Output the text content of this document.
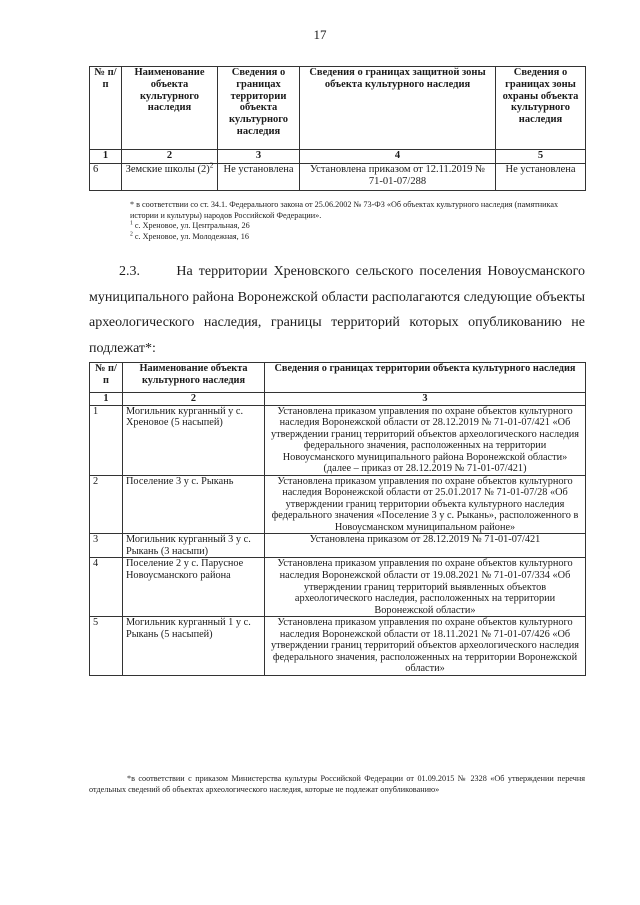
17
№ п/п	Наименование объекта культурного наследия	Сведения о границах территории объекта культурного наследия	Сведения о границах защитной зоны объекта культурного наследия	Сведения о границах зоны охраны объекта культурного наследия
1	2	3	4	5
6	Земские школы $(2)^2$	Не установлена	Установлена приказом от 12.11.2019 № 71-01-07/288	Не установлена

* в соответствии со ст. 34.1. Федерального закона от 25.06.2002 № 73-ФЗ «Об объектах культурного наследия (памятниках истории и культуры) народов Российской Федерации».

$^1$ с. Хреновое, ул. Центральная, 26

$^2$ с. Хреновое, ул. Молодежная, 16

2.3.	На территории Хреновского сельского поселения Новоусманского муниципального района Воронежской области располагаются следующие объекты археологического наследия, границы территорий которых опубликованию не подлежат*:

№ п/п	Наименование объекта культурного наследия	Сведения о границах территории объекта культурного наследия
1	2	3
1	Могильник курганный у с. Хреновое (5 насыпей)	Установлена приказом управления по охране объектов культурного наследия Воронежской области от 28.12.2019 № 71-01-07/421 «Об утверждении границ территорий объектов археологического наследия федерального значения, расположенных на территории Новоусманского муниципального района Воронежской области» (далее – приказ от 28.12.2019 № 71-01-07/421)
2	Поселение 3 у с. Рыкань	Установлена приказом управления по охране объектов культурного наследия Воронежской области от 25.01.2017 № 71-01-07/28 «Об утверждении границ территории объекта культурного наследия федерального значения «Поселение 3 у с. Рыкань», расположенного в Новоусманском муниципальном районе»
3	Могильник курганный 3 у с. Рыкань (3 насыпи)	Установлена приказом от 28.12.2019 № 71-01-07/421
4	Поселение 2 у с. Парусное Новоусманского района	Установлена приказом управления по охране объектов культурного наследия Воронежской области от 19.08.2021 № 71-01-07/334 «Об утверждении границ территорий выявленных объектов археологического наследия, расположенных на территории Воронежской области»
5	Могильник курганный 1 у с. Рыкань (5 насыпей)	Установлена приказом управления по охране объектов культурного наследия Воронежской области от 18.11.2021 № 71-01-07/426 «Об утверждении границ территорий объектов археологического наследия федерального значения, расположенных на территории Воронежской области»

*в соответствии с приказом Министерства культуры Российской Федерации от 01.09.2015 № 2328 «Об утверждении перечня отдельных сведений об объектах археологического наследия, которые не подлежат опубликованию»
